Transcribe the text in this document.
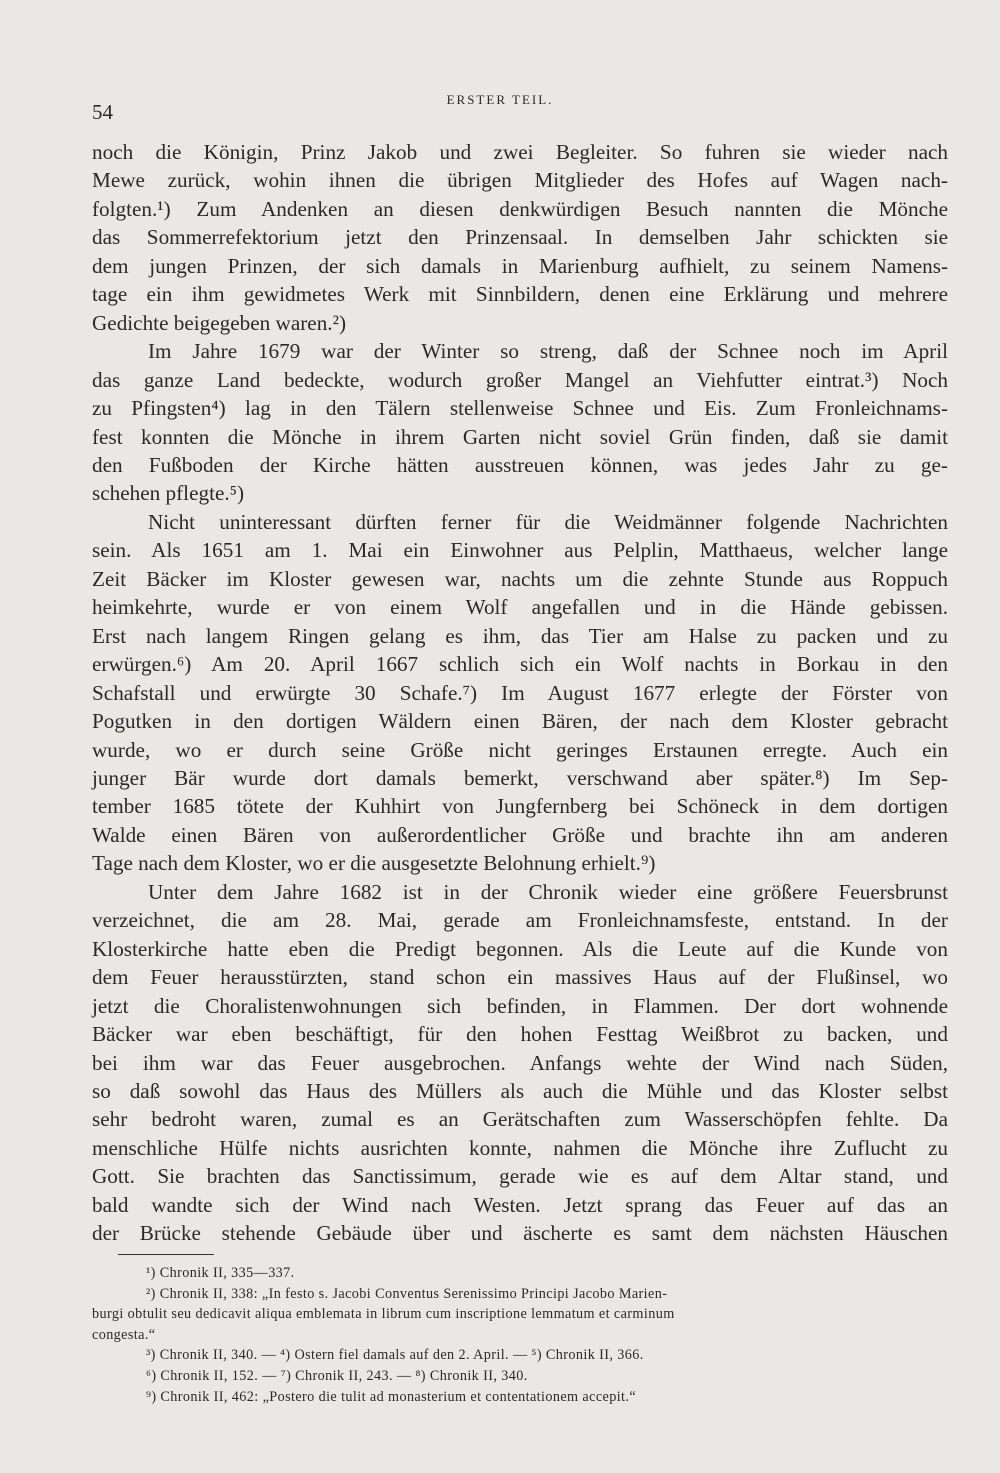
54
ERSTER TEIL.
noch die Königin, Prinz Jakob und zwei Begleiter. So fuhren sie wieder nach
Mewe zurück, wohin ihnen die übrigen Mitglieder des Hofes auf Wagen nach-
folgten.¹) Zum Andenken an diesen denkwürdigen Besuch nannten die Mönche
das Sommerrefektorium jetzt den Prinzensaal. In demselben Jahr schickten sie
dem jungen Prinzen, der sich damals in Marienburg aufhielt, zu seinem Namens-
tage ein ihm gewidmetes Werk mit Sinnbildern, denen eine Erklärung und mehrere
Gedichte beigegeben waren.²)
Im Jahre 1679 war der Winter so streng, daß der Schnee noch im April
das ganze Land bedeckte, wodurch großer Mangel an Viehfutter eintrat.³) Noch
zu Pfingsten⁴) lag in den Tälern stellenweise Schnee und Eis. Zum Fronleichnams-
fest konnten die Mönche in ihrem Garten nicht soviel Grün finden, daß sie damit
den Fußboden der Kirche hätten ausstreuen können, was jedes Jahr zu ge-
schehen pflegte.⁵)
Nicht uninteressant dürften ferner für die Weidmänner folgende Nachrichten
sein. Als 1651 am 1. Mai ein Einwohner aus Pelplin, Matthaeus, welcher lange
Zeit Bäcker im Kloster gewesen war, nachts um die zehnte Stunde aus Roppuch
heimkehrte, wurde er von einem Wolf angefallen und in die Hände gebissen.
Erst nach langem Ringen gelang es ihm, das Tier am Halse zu packen und zu
erwürgen.⁶) Am 20. April 1667 schlich sich ein Wolf nachts in Borkau in den
Schafstall und erwürgte 30 Schafe.⁷) Im August 1677 erlegte der Förster von
Pogutken in den dortigen Wäldern einen Bären, der nach dem Kloster gebracht
wurde, wo er durch seine Größe nicht geringes Erstaunen erregte. Auch ein
junger Bär wurde dort damals bemerkt, verschwand aber später.⁸) Im Sep-
tember 1685 tötete der Kuhhirt von Jungfernberg bei Schöneck in dem dortigen
Walde einen Bären von außerordentlicher Größe und brachte ihn am anderen
Tage nach dem Kloster, wo er die ausgesetzte Belohnung erhielt.⁹)
Unter dem Jahre 1682 ist in der Chronik wieder eine größere Feuersbrunst
verzeichnet, die am 28. Mai, gerade am Fronleichnamsfeste, entstand. In der
Klosterkirche hatte eben die Predigt begonnen. Als die Leute auf die Kunde von
dem Feuer herausstürzten, stand schon ein massives Haus auf der Flußinsel, wo
jetzt die Choralistenwohnungen sich befinden, in Flammen. Der dort wohnende
Bäcker war eben beschäftigt, für den hohen Festtag Weißbrot zu backen, und
bei ihm war das Feuer ausgebrochen. Anfangs wehte der Wind nach Süden,
so daß sowohl das Haus des Müllers als auch die Mühle und das Kloster selbst
sehr bedroht waren, zumal es an Gerätschaften zum Wasserschöpfen fehlte. Da
menschliche Hülfe nichts ausrichten konnte, nahmen die Mönche ihre Zuflucht zu
Gott. Sie brachten das Sanctissimum, gerade wie es auf dem Altar stand, und
bald wandte sich der Wind nach Westen. Jetzt sprang das Feuer auf das an
der Brücke stehende Gebäude über und äscherte es samt dem nächsten Häuschen
¹) Chronik II, 335—337.
²) Chronik II, 338: „In festo s. Jacobi Conventus Serenissimo Principi Jacobo Marien-
burgi obtulit seu dedicavit aliqua emblemata in librum cum inscriptione lemmatum et carminum
congesta.“
³) Chronik II, 340. — ⁴) Ostern fiel damals auf den 2. April. — ⁵) Chronik II, 366.
⁶) Chronik II, 152. — ⁷) Chronik II, 243. — ⁸) Chronik II, 340.
⁹) Chronik II, 462: „Postero die tulit ad monasterium et contentationem accepit.“
